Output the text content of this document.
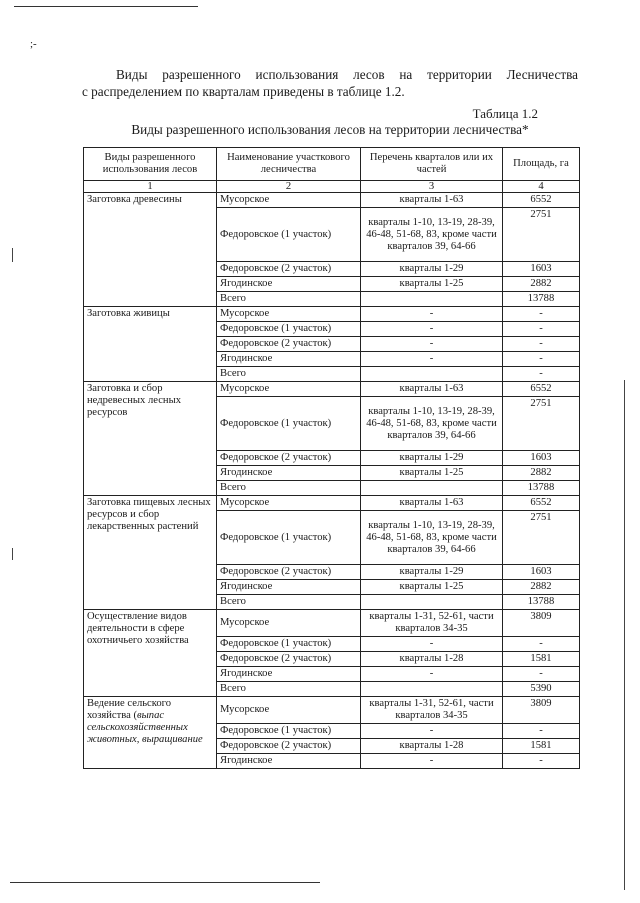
;-
Виды разрешенного использования лесов на территории Лесничества
с распределением по кварталам приведены в таблице 1.2.
Таблица 1.2
Виды разрешенного использования лесов на территории лесничества*
Виды разрешенного использования лесов	Наименование участкового лесничества	Перечень кварталов или их частей	Площадь, га
1	2	3	4
Заготовка древесины	Мусорское	кварталы 1-63	6552
	Федоровское (1 участок)	кварталы 1-10, 13-19, 28-39, 46-48, 51-68, 83, кроме части кварталов 39, 64-66	2751
	Федоровское (2 участок)	кварталы 1-29	1603
	Ягодинское	кварталы 1-25	2882
	Всего		13788
Заготовка живицы	Мусорское	-	-
	Федоровское (1 участок)	-	-
	Федоровское (2 участок)	-	-
	Ягодинское	-	-
	Всего		-
Заготовка и сбор недревесных лесных ресурсов	Мусорское	кварталы 1-63	6552
	Федоровское (1 участок)	кварталы 1-10, 13-19, 28-39, 46-48, 51-68, 83, кроме части кварталов 39, 64-66	2751
	Федоровское (2 участок)	кварталы 1-29	1603
	Ягодинское	кварталы 1-25	2882
	Всего		13788
Заготовка пищевых лесных ресурсов и сбор лекарственных растений	Мусорское	кварталы 1-63	6552
	Федоровское (1 участок)	кварталы 1-10, 13-19, 28-39, 46-48, 51-68, 83, кроме части кварталов 39, 64-66	2751
	Федоровское (2 участок)	кварталы 1-29	1603
	Ягодинское	кварталы 1-25	2882
	Всего		13788
Осуществление видов деятельности в сфере охотничьего хозяйства	Мусорское	кварталы 1-31, 52-61, части кварталов 34-35	3809
	Федоровское (1 участок)	-	-
	Федоровское (2 участок)	кварталы 1-28	1581
	Ягодинское	-	-
	Всего		5390
Ведение сельского хозяйства (выпас сельскохозяйственных животных, выращивание	Мусорское	кварталы 1-31, 52-61, части кварталов 34-35	3809
	Федоровское (1 участок)	-	-
	Федоровское (2 участок)	кварталы 1-28	1581
	Ягодинское	-	-
